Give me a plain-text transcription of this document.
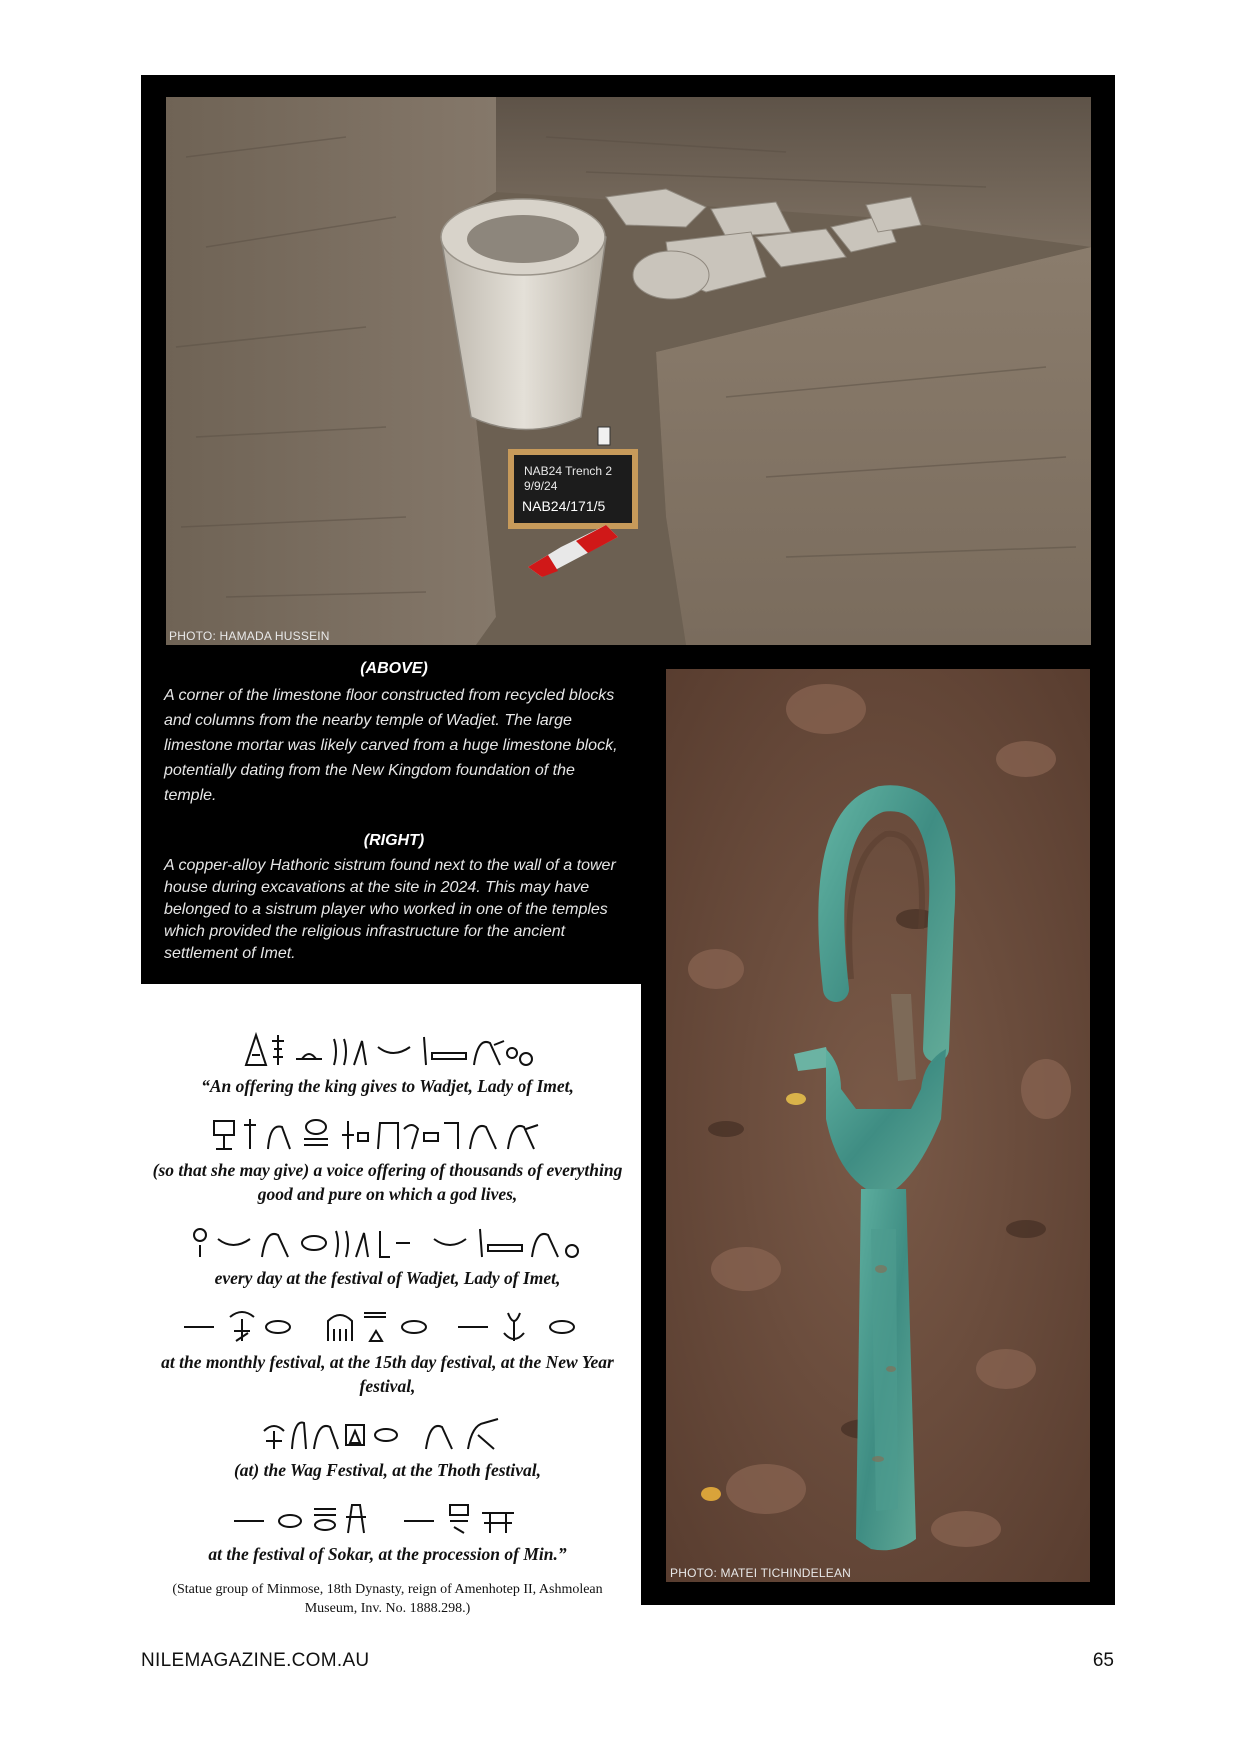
NAB24 Trench 2
9/9/24
NAB24/171/5
PHOTO: HAMADA HUSSEIN
(ABOVE)
A corner of the limestone floor constructed from recycled blocks and columns from the nearby temple of Wadjet. The large limestone mortar was likely carved from a huge limestone block, potentially dating from the New Kingdom foundation of the temple.
(RIGHT)
A copper-alloy Hathoric sistrum found next to the wall of a tower house during excavations at the site in 2024. This may have belonged to a sistrum player who worked in one of the temples which provided the religious infrastructure for the ancient settlement of Imet.
PHOTO: MATEI TICHINDELEAN
“An offering the king gives to Wadjet, Lady of Imet,
(so that she may give) a voice offering of thousands of everything good and pure on which a god lives,
every day at the festival of Wadjet, Lady of Imet,
at the monthly festival, at the 15th day festival, at the New Year festival,
(at) the Wag Festival, at the Thoth festival,
at the festival of Sokar, at the procession of Min.”
(Statue group of Minmose, 18th Dynasty, reign of Amenhotep II, Ashmolean Museum, Inv. No. 1888.298.)
NILEMAGAZINE.COM.AU	65
